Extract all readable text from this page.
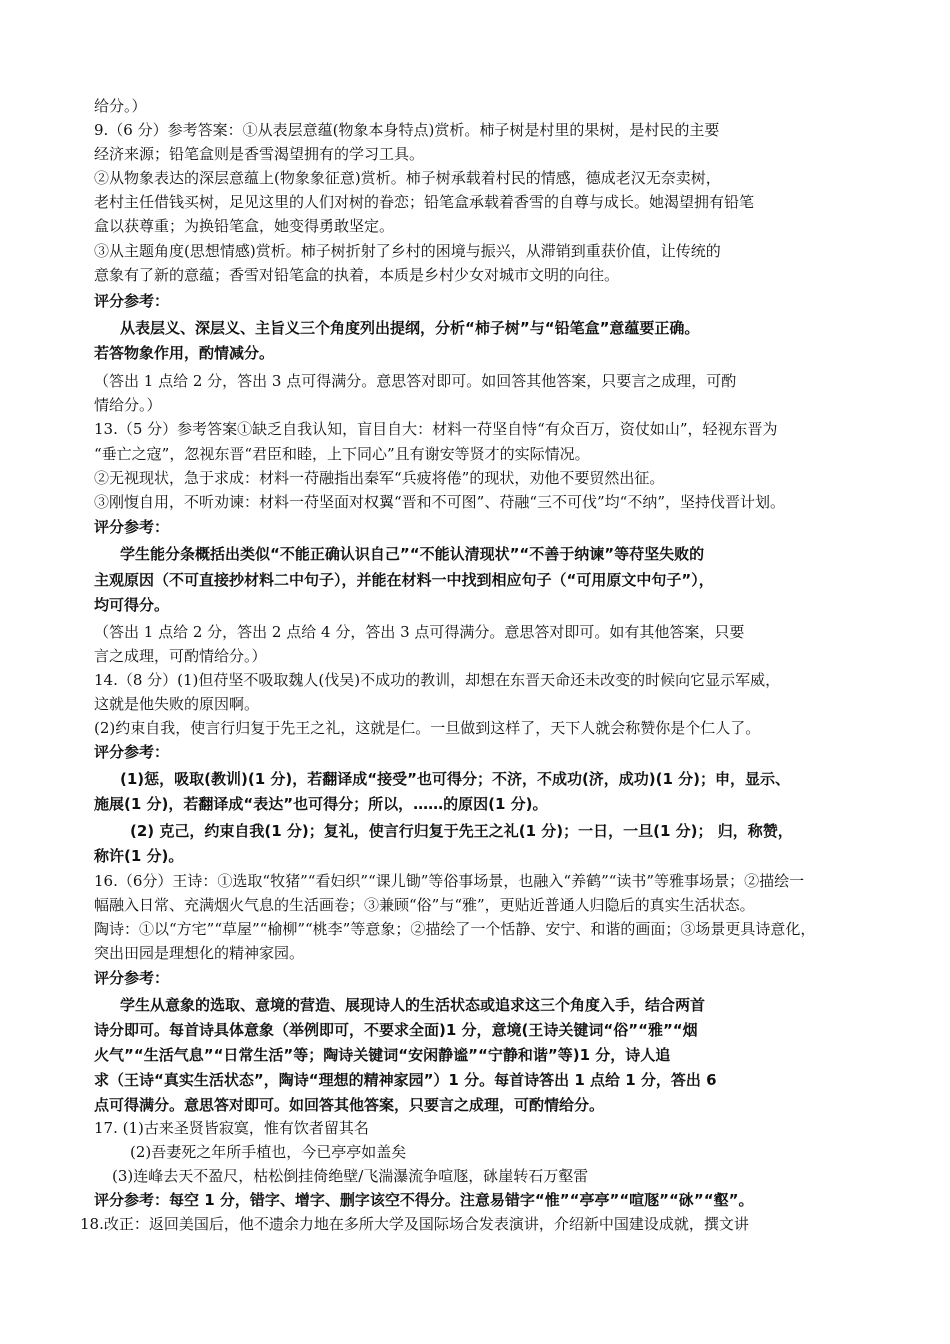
给分。）
9.（6 分）参考答案：①从表层意蕴(物象本身特点)赏析。柿子树是村里的果树，是村民的主要
经济来源；铅笔盒则是香雪渴望拥有的学习工具。
②从物象表达的深层意蕴上(物象象征意)赏析。柿子树承载着村民的情感，德成老汉无奈卖树，
老村主任借钱买树，足见这里的人们对树的眷恋；铅笔盒承载着香雪的自尊与成长。她渴望拥有铅笔
盒以获尊重；为换铅笔盒，她变得勇敢坚定。
③从主题角度(思想情感)赏析。柿子树折射了乡村的困境与振兴，从滞销到重获价值，让传统的
意象有了新的意蕴；香雪对铅笔盒的执着，本质是乡村少女对城市文明的向往。
评分参考：
从表层义、深层义、主旨义三个角度列出提纲，分析“柿子树”与“铅笔盒”意蕴要正确。
若答物象作用，酌情减分。
（答出 1 点给 2 分，答出 3 点可得满分。意思答对即可。如回答其他答案，只要言之成理，可酌
情给分。）
13.（5 分）参考答案①缺乏自我认知，盲目自大：材料一苻坚自恃“有众百万，资仗如山”，轻视东晋为
“垂亡之寇”，忽视东晋“君臣和睦，上下同心”且有谢安等贤才的实际情况。
②无视现状，急于求成：材料一苻融指出秦军“兵疲将倦”的现状，劝他不要贸然出征。
③刚愎自用，不听劝谏：材料一苻坚面对权翼“晋和不可图”、苻融“三不可伐”均“不纳”，坚持伐晋计划。
评分参考：
学生能分条概括出类似“不能正确认识自己”“不能认清现状”“不善于纳谏”等苻坚失败的
主观原因（不可直接抄材料二中句子），并能在材料一中找到相应句子（“可用原文中句子”），
均可得分。
（答出 1 点给 2 分，答出 2 点给 4 分，答出 3 点可得满分。意思答对即可。如有其他答案，只要
言之成理，可酌情给分。）
14.（8 分）(1)但苻坚不吸取魏人(伐吴)不成功的教训，却想在东晋天命还未改变的时候向它显示军威，
这就是他失败的原因啊。
(2)约束自我，使言行归复于先王之礼，这就是仁。一旦做到这样了，天下人就会称赞你是个仁人了。
评分参考：
(1)惩，吸取(教训)(1 分)，若翻译成“接受”也可得分；不济，不成功(济，成功)(1 分)；申，显示、
施展(1 分)，若翻译成“表达”也可得分；所以，……的原因(1 分)。
(2) 克己，约束自我(1 分)；复礼，使言行归复于先王之礼(1 分)；一日，一旦(1 分)； 归，称赞，
称许(1 分)。
16.（6分）王诗：①选取“牧猪”“看妇织”“课儿锄”等俗事场景，也融入“养鹤”“读书”等雅事场景；②描绘一
幅融入日常、充满烟火气息的生活画卷；③兼顾“俗”与“雅”，更贴近普通人归隐后的真实生活状态。
陶诗：①以“方宅”“草屋”“榆柳”“桃李”等意象；②描绘了一个恬静、安宁、和谐的画面；③场景更具诗意化，
突出田园是理想化的精神家园。
评分参考：
学生从意象的选取、意境的营造、展现诗人的生活状态或追求这三个角度入手，结合两首
诗分即可。每首诗具体意象（举例即可，不要求全面)1 分，意境(王诗关键词“俗”“雅”“烟
火气”“生活气息”“日常生活”等；陶诗关键词“安闲静谧”“宁静和谐”等)1 分，诗人追
求（王诗“真实生活状态”，陶诗“理想的精神家园”）1 分。每首诗答出 1 点给 1 分，答出 6
点可得满分。意思答对即可。如回答其他答案，只要言之成理，可酌情给分。
17. (1)古来圣贤皆寂寞，惟有饮者留其名
(2)吾妻死之年所手植也，今已亭亭如盖矣
(3)连峰去天不盈尺，枯松倒挂倚绝壁/飞湍瀑流争喧豗，砯崖转石万壑雷
评分参考：每空 1 分，错字、增字、删字该空不得分。注意易错字“惟”“亭亭”“喧豗”“砯”“壑”。
18.改正：返回美国后，他不遗余力地在多所大学及国际场合发表演讲，介绍新中国建设成就，撰文讲
